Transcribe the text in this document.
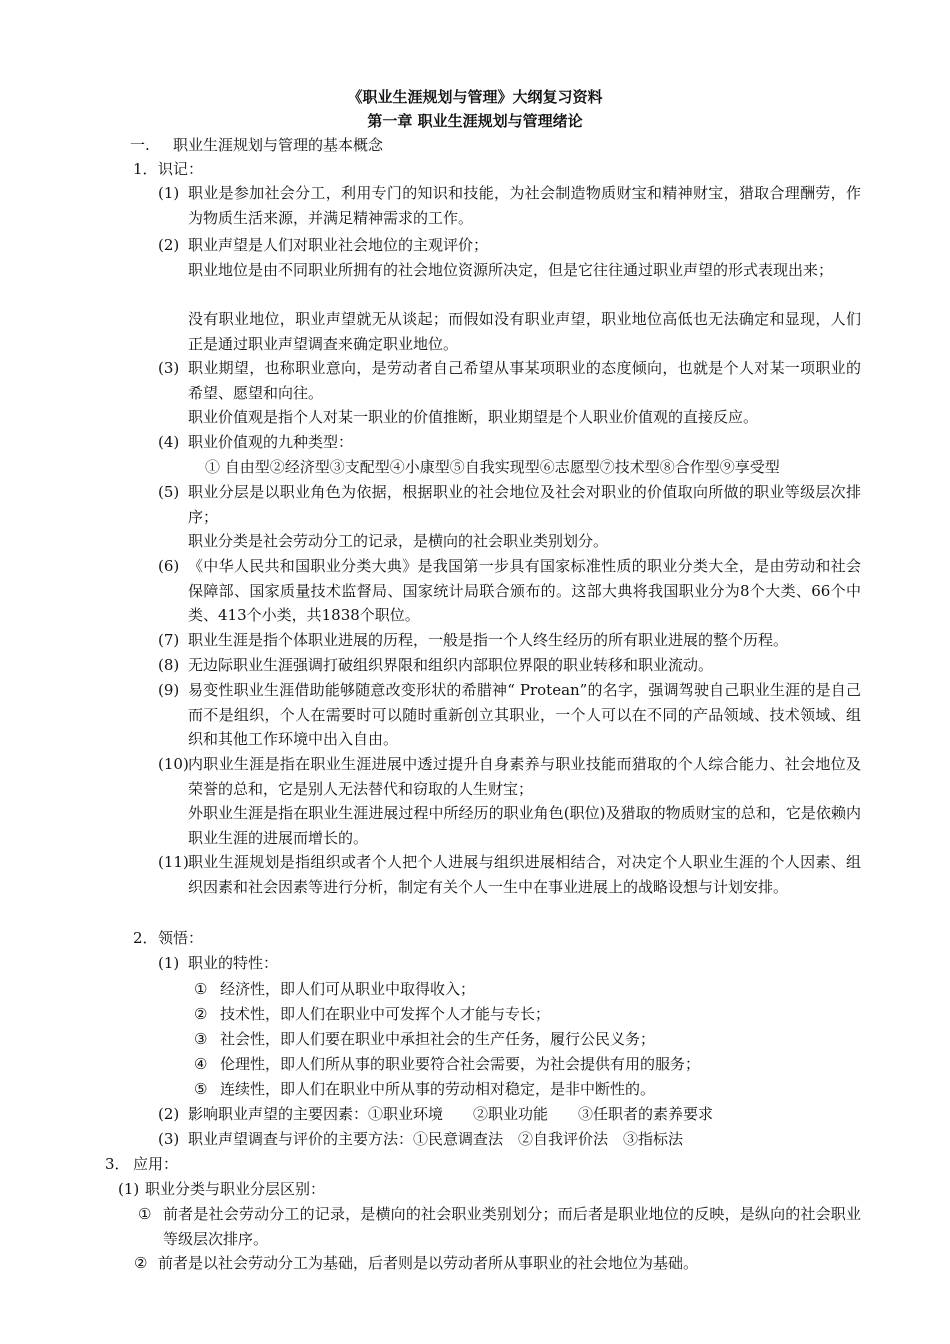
《职业生涯规划与管理》大纲复习资料
第一章 职业生涯规划与管理绪论
一. 职业生涯规划与管理的基本概念
1． 识记：
(1) 职业是参加社会分工，利用专门的知识和技能，为社会制造物质财宝和精神财宝，猎取合理酬劳，作为物质生活来源，并满足精神需求的工作。
(2) 职业声望是人们对职业社会地位的主观评价；
职业地位是由不同职业所拥有的社会地位资源所决定，但是它往往通过职业声望的形式表现出来；
没有职业地位，职业声望就无从谈起；而假如没有职业声望，职业地位高低也无法确定和显现，人们正是通过职业声望调查来确定职业地位。
(3) 职业期望，也称职业意向，是劳动者自己希望从事某项职业的态度倾向，也就是个人对某一项职业的希望、愿望和向往。
职业价值观是指个人对某一职业的价值推断，职业期望是个人职业价值观的直接反应。
(4) 职业价值观的九种类型：
① 自由型②经济型③支配型④小康型⑤自我实现型⑥志愿型⑦技术型⑧合作型⑨享受型
(5) 职业分层是以职业角色为依据，根据职业的社会地位及社会对职业的价值取向所做的职业等级层次排序；
职业分类是社会劳动分工的记录，是横向的社会职业类别划分。
(6) 《中华人民共和国职业分类大典》是我国第一步具有国家标准性质的职业分类大全，是由劳动和社会保障部、国家质量技术监督局、国家统计局联合颁布的。这部大典将我国职业分为8个大类、66个中类、413个小类，共1838个职位。
(7) 职业生涯是指个体职业进展的历程，一般是指一个人终生经历的所有职业进展的整个历程。
(8) 无边际职业生涯强调打破组织界限和组织内部职位界限的职业转移和职业流动。
(9) 易变性职业生涯借助能够随意改变形状的希腊神“ Protean”的名字，强调驾驶自己职业生涯的是自己而不是组织，个人在需要时可以随时重新创立其职业，一个人可以在不同的产品领域、技术领域、组织和其他工作环境中出入自由。
(10) 内职业生涯是指在职业生涯进展中透过提升自身素养与职业技能而猎取的个人综合能力、社会地位及荣誉的总和，它是别人无法替代和窃取的人生财宝；
外职业生涯是指在职业生涯进展过程中所经历的职业角色(职位)及猎取的物质财宝的总和，它是依赖内职业生涯的进展而增长的。
(11) 职业生涯规划是指组织或者个人把个人进展与组织进展相结合，对决定个人职业生涯的个人因素、组织因素和社会因素等进行分析，制定有关个人一生中在事业进展上的战略设想与计划安排。
2． 领悟：
(1) 职业的特性：
① 经济性，即人们可从职业中取得收入；
② 技术性，即人们在职业中可发挥个人才能与专长；
③ 社会性，即人们要在职业中承担社会的生产任务，履行公民义务；
④ 伦理性，即人们所从事的职业要符合社会需要，为社会提供有用的服务；
⑤ 连续性，即人们在职业中所从事的劳动相对稳定，是非中断性的。
(2) 影响职业声望的主要因素：①职业环境　　②职业功能　　③任职者的素养要求
(3) 职业声望调查与评价的主要方法：①民意调查法　②自我评价法　③指标法
3． 应用：
(1) 职业分类与职业分层区别：
① 前者是社会劳动分工的记录，是横向的社会职业类别划分；而后者是职业地位的反映，是纵向的社会职业等级层次排序。
② 前者是以社会劳动分工为基础，后者则是以劳动者所从事职业的社会地位为基础。
